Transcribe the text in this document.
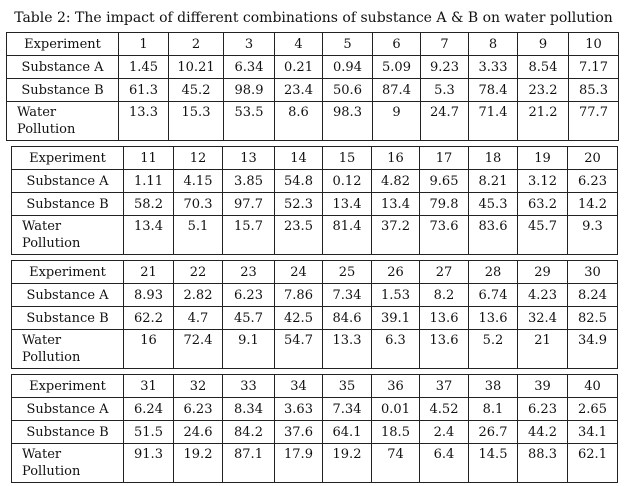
Table 2: The impact of different combinations of substance A & B on water pollution
Experiment	1	2	3	4	5	6	7	8	9	10
Substance A	1.45	10.21	6.34	0.21	0.94	5.09	9.23	3.33	8.54	7.17
Substance B	61.3	45.2	98.9	23.4	50.6	87.4	5.3	78.4	23.2	85.3
Water Pollution	13.3	15.3	53.5	8.6	98.3	9	24.7	71.4	21.2	77.7
Experiment	11	12	13	14	15	16	17	18	19	20
Substance A	1.11	4.15	3.85	54.8	0.12	4.82	9.65	8.21	3.12	6.23
Substance B	58.2	70.3	97.7	52.3	13.4	13.4	79.8	45.3	63.2	14.2
Water Pollution	13.4	5.1	15.7	23.5	81.4	37.2	73.6	83.6	45.7	9.3
Experiment	21	22	23	24	25	26	27	28	29	30
Substance A	8.93	2.82	6.23	7.86	7.34	1.53	8.2	6.74	4.23	8.24
Substance B	62.2	4.7	45.7	42.5	84.6	39.1	13.6	13.6	32.4	82.5
Water Pollution	16	72.4	9.1	54.7	13.3	6.3	13.6	5.2	21	34.9
Experiment	31	32	33	34	35	36	37	38	39	40
Substance A	6.24	6.23	8.34	3.63	7.34	0.01	4.52	8.1	6.23	2.65
Substance B	51.5	24.6	84.2	37.6	64.1	18.5	2.4	26.7	44.2	34.1
Water Pollution	91.3	19.2	87.1	17.9	19.2	74	6.4	14.5	88.3	62.1
